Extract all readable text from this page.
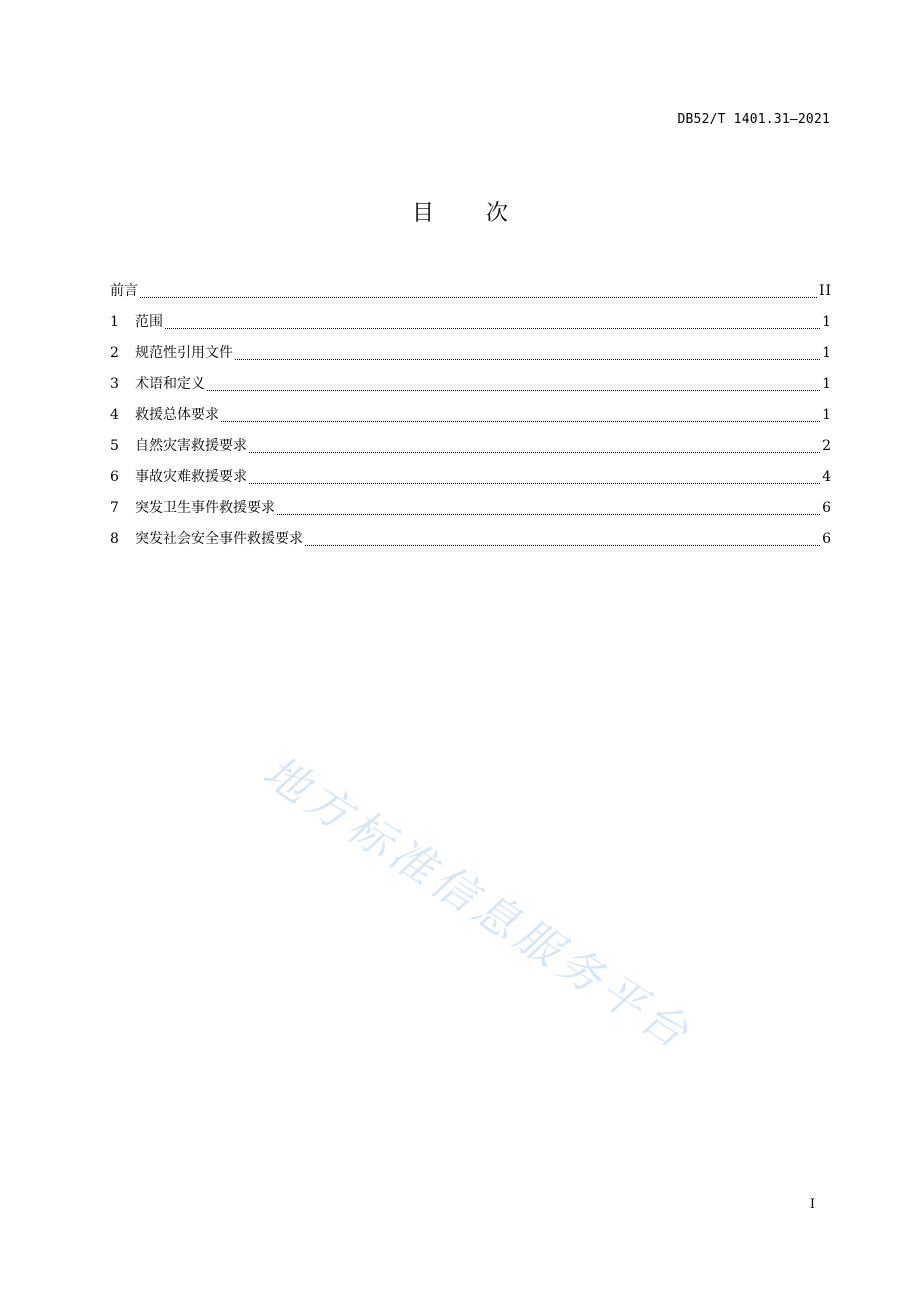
DB52/T 1401.31—2021
目 次
前言	II
1	范围	1
2	规范性引用文件	1
3	术语和定义	1
4	救援总体要求	1
5	自然灾害救援要求	2
6	事故灾难救援要求	4
7	突发卫生事件救援要求	6
8	突发社会安全事件救援要求	6
地方标准信息服务平台
I
